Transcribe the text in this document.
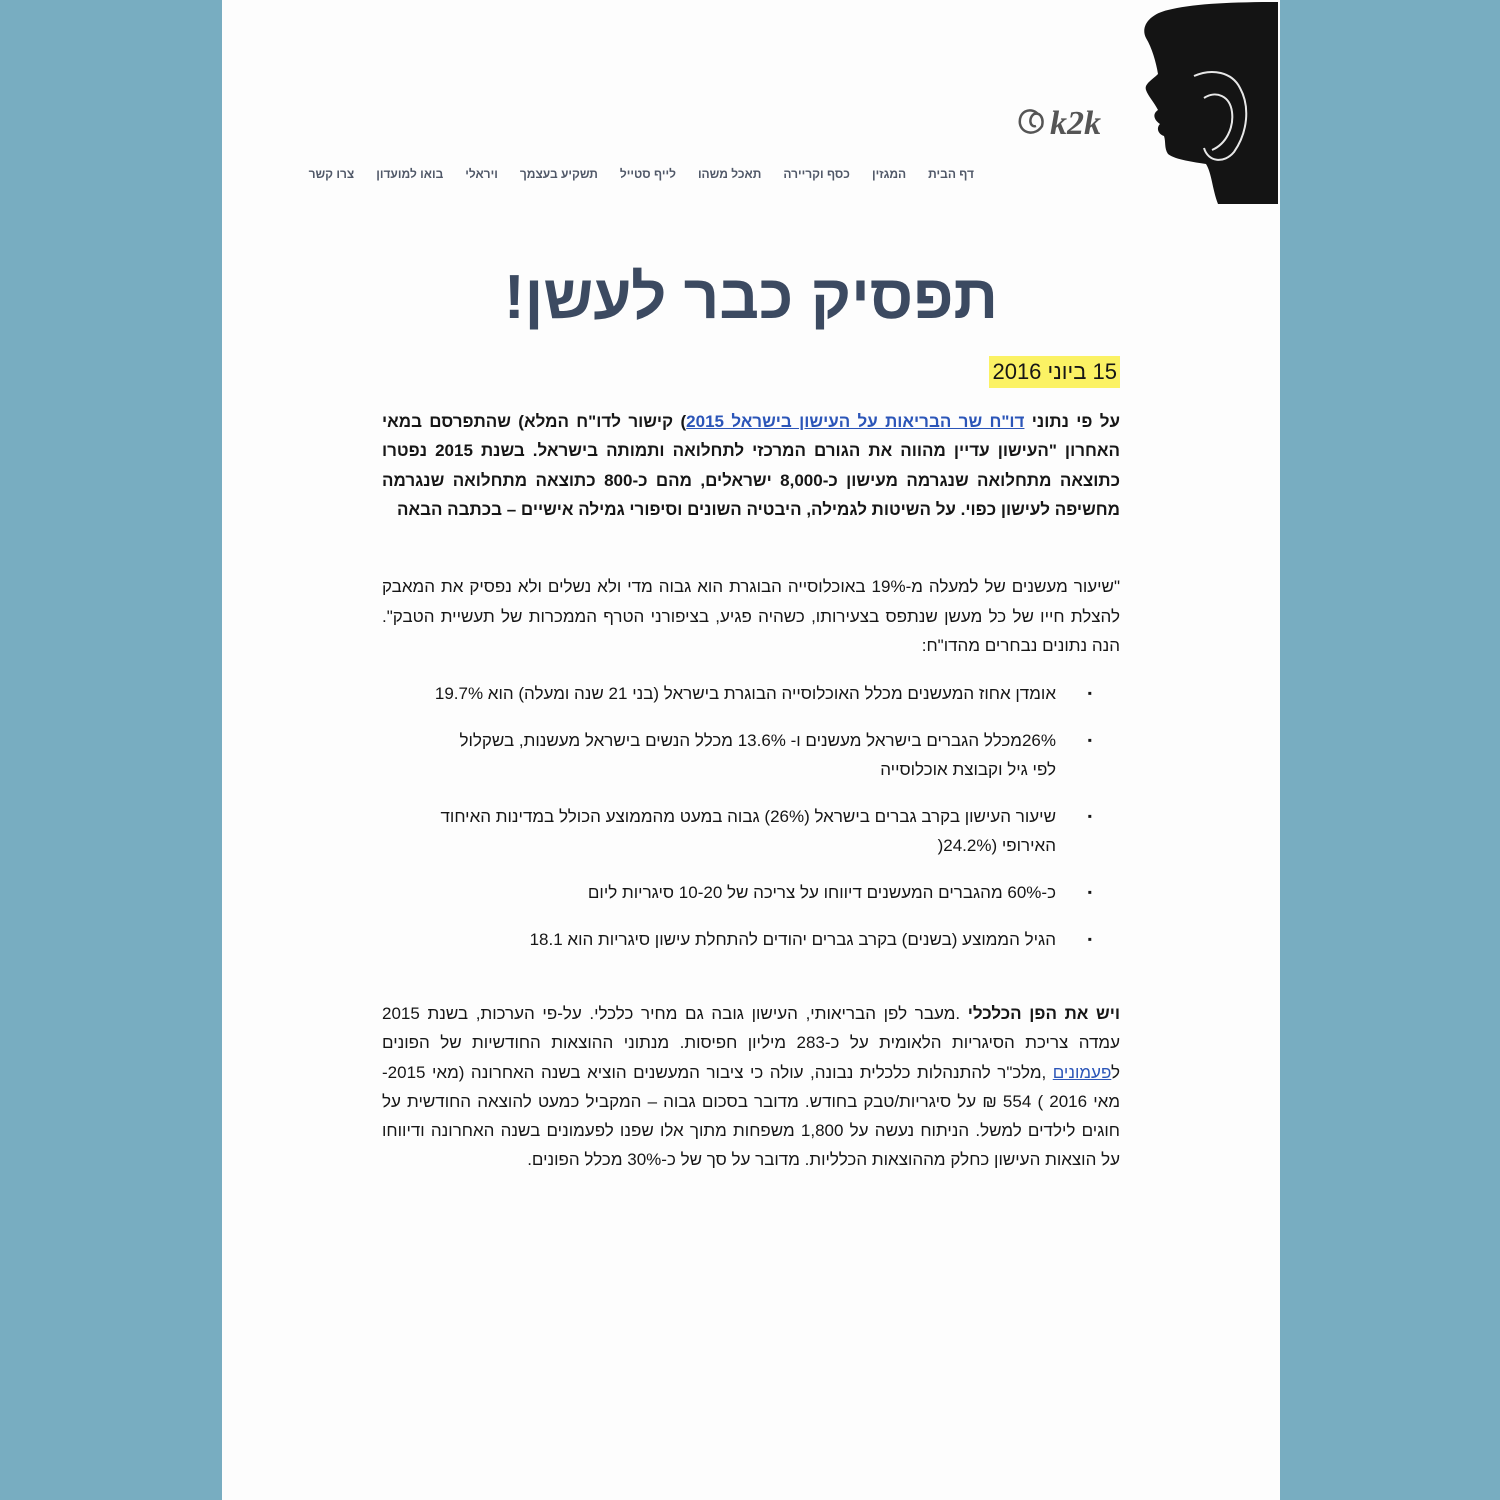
k2k
דף הבית
המגזין
כסף וקריירה
תאכל משהו
לייף סטייל
תשקיע בעצמך
ויראלי
בואו למועדון
צרו קשר
תפסיק כבר לעשן!
15 ביוני 2016

על פי נתוני דו"ח שר הבריאות על העישון בישראל 2015) קישור לדו"ח המלא) שהתפרסם במאי האחרון "העישון עדיין מהווה את הגורם המרכזי לתחלואה ותמותה בישראל. בשנת 2015 נפטרו כתוצאה מתחלואה שנגרמה מעישון כ-8,000 ישראלים, מהם כ-800 כתוצאה מתחלואה שנגרמה מחשיפה לעישון כפוי. על השיטות לגמילה, היבטיה השונים וסיפורי גמילה אישיים – בכתבה הבאה

"שיעור מעשנים של למעלה מ-19% באוכלוסייה הבוגרת הוא גבוה מדי ולא נשלים ולא נפסיק את המאבק להצלת חייו של כל מעשן שנתפס בצעירותו, כשהיה פגיע, בציפורני הטרף הממכרות של תעשיית הטבק". הנה נתונים נבחרים מהדו"ח:

▪ אומדן אחוז המעשנים מכלל האוכלוסייה הבוגרת בישראל (בני 21 שנה ומעלה) הוא 19.7%
▪ 26%מכלל הגברים בישראל מעשנים ו- 13.6% מכלל הנשים בישראל מעשנות, בשקלול לפי גיל וקבוצת אוכלוסייה
▪ שיעור העישון בקרב גברים בישראל (26%) גבוה במעט מהממוצע הכולל במדינות האיחוד האירופי (24.2%(
▪ כ-60% מהגברים המעשנים דיווחו על צריכה של 10-20 סיגריות ליום
▪ הגיל הממוצע (בשנים) בקרב גברים יהודים להתחלת עישון סיגריות הוא 18.1

ויש את הפן הכלכלי .מעבר לפן הבריאותי, העישון גובה גם מחיר כלכלי. על-פי הערכות, בשנת 2015 עמדה צריכת הסיגריות הלאומית על כ-283 מיליון חפיסות. מנתוני ההוצאות החודשיות של הפונים לפעמונים ,מלכ"ר להתנהלות כלכלית נבונה, עולה כי ציבור המעשנים הוציא בשנה האחרונה (מאי 2015-מאי 2016 ) 554 ₪ על סיגריות/טבק בחודש. מדובר בסכום גבוה – המקביל כמעט להוצאה החודשית על חוגים לילדים למשל. הניתוח נעשה על 1,800 משפחות מתוך אלו שפנו לפעמונים בשנה האחרונה ודיווחו על הוצאות העישון כחלק מההוצאות הכלליות. מדובר על סך של כ-30% מכלל הפונים.
